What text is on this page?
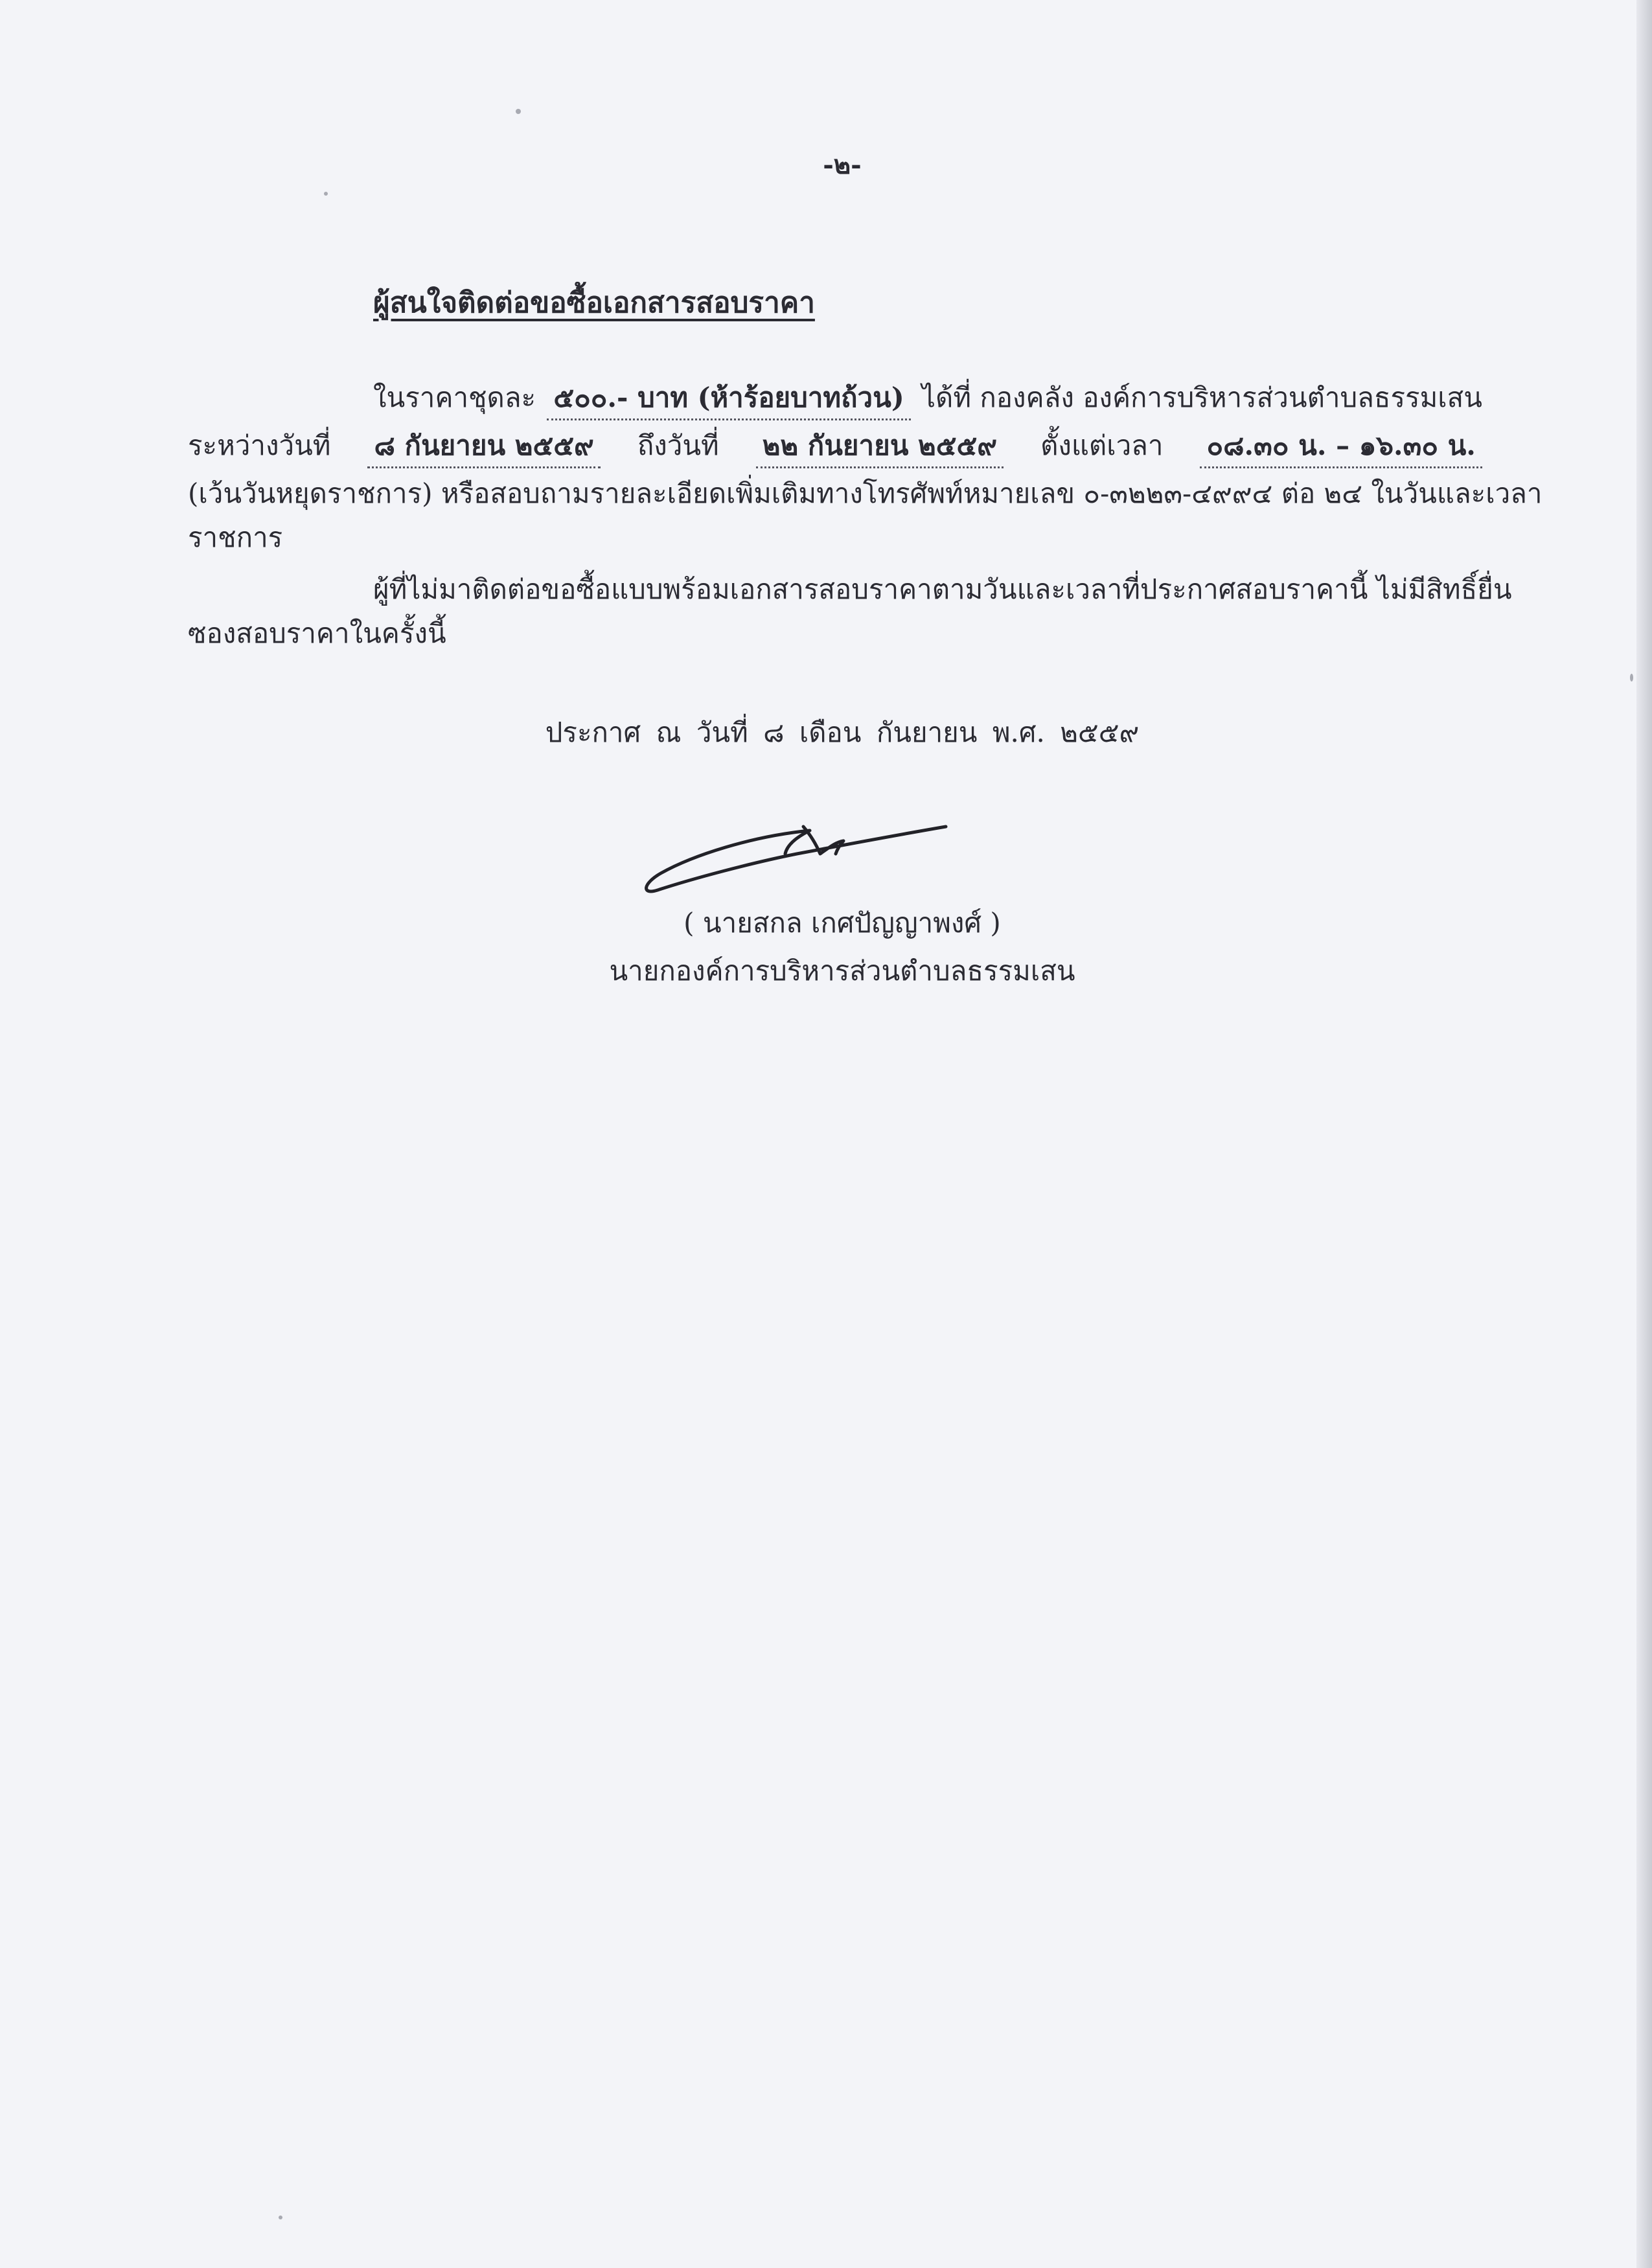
-๒-
ผู้สนใจติดต่อขอซื้อเอกสารสอบราคา
ในราคาชุดละ ๕๐๐.- บาท (ห้าร้อยบาทถ้วน) ได้ที่ กองคลัง องค์การบริหารส่วนตำบลธรรมเสน
ระหว่างวันที่ ๘ กันยายน ๒๕๕๙ ถึงวันที่ ๒๒ กันยายน ๒๕๕๙ ตั้งแต่เวลา ๐๘.๓๐ น. – ๑๖.๓๐ น.
(เว้นวันหยุดราชการ) หรือสอบถามรายละเอียดเพิ่มเติมทางโทรศัพท์หมายเลข ๐-๓๒๒๓-๔๙๙๔ ต่อ ๒๔ ในวันและเวลา
ราชการ
ผู้ที่ไม่มาติดต่อขอซื้อแบบพร้อมเอกสารสอบราคาตามวันและเวลาที่ประกาศสอบราคานี้ ไม่มีสิทธิ์ยื่น
ซองสอบราคาในครั้งนี้
ประกาศ ณ วันที่ ๘ เดือน กันยายน พ.ศ. ๒๕๕๙
( นายสกล เกศปัญญาพงศ์ )
นายกองค์การบริหารส่วนตำบลธรรมเสน
